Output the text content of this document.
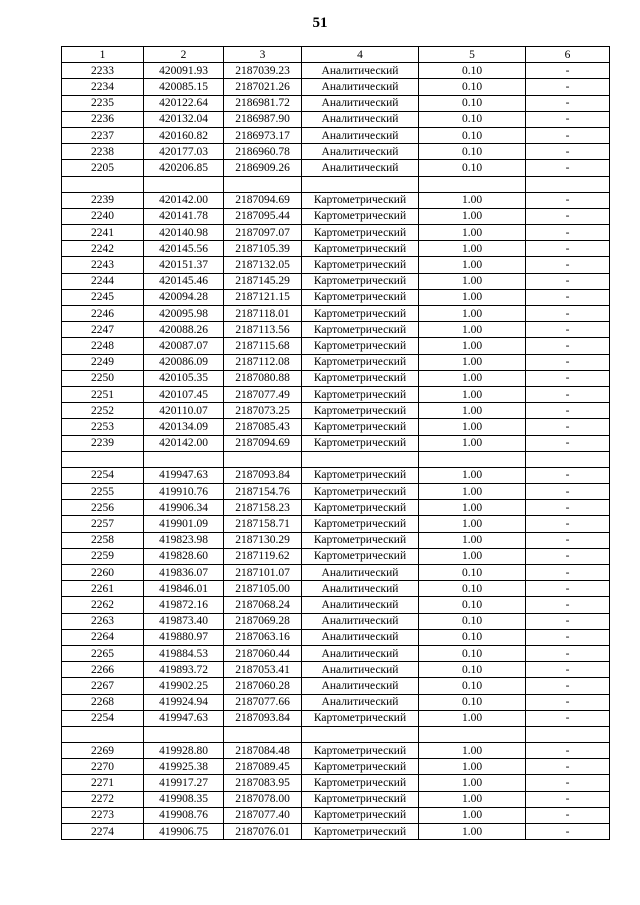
51
1	2	3	4	5	6
2233	420091.93	2187039.23	Аналитический	0.10	-
2234	420085.15	2187021.26	Аналитический	0.10	-
2235	420122.64	2186981.72	Аналитический	0.10	-
2236	420132.04	2186987.90	Аналитический	0.10	-
2237	420160.82	2186973.17	Аналитический	0.10	-
2238	420177.03	2186960.78	Аналитический	0.10	-
2205	420206.85	2186909.26	Аналитический	0.10	-

2239	420142.00	2187094.69	Картометрический	1.00	-
2240	420141.78	2187095.44	Картометрический	1.00	-
2241	420140.98	2187097.07	Картометрический	1.00	-
2242	420145.56	2187105.39	Картометрический	1.00	-
2243	420151.37	2187132.05	Картометрический	1.00	-
2244	420145.46	2187145.29	Картометрический	1.00	-
2245	420094.28	2187121.15	Картометрический	1.00	-
2246	420095.98	2187118.01	Картометрический	1.00	-
2247	420088.26	2187113.56	Картометрический	1.00	-
2248	420087.07	2187115.68	Картометрический	1.00	-
2249	420086.09	2187112.08	Картометрический	1.00	-
2250	420105.35	2187080.88	Картометрический	1.00	-
2251	420107.45	2187077.49	Картометрический	1.00	-
2252	420110.07	2187073.25	Картометрический	1.00	-
2253	420134.09	2187085.43	Картометрический	1.00	-
2239	420142.00	2187094.69	Картометрический	1.00	-

2254	419947.63	2187093.84	Картометрический	1.00	-
2255	419910.76	2187154.76	Картометрический	1.00	-
2256	419906.34	2187158.23	Картометрический	1.00	-
2257	419901.09	2187158.71	Картометрический	1.00	-
2258	419823.98	2187130.29	Картометрический	1.00	-
2259	419828.60	2187119.62	Картометрический	1.00	-
2260	419836.07	2187101.07	Аналитический	0.10	-
2261	419846.01	2187105.00	Аналитический	0.10	-
2262	419872.16	2187068.24	Аналитический	0.10	-
2263	419873.40	2187069.28	Аналитический	0.10	-
2264	419880.97	2187063.16	Аналитический	0.10	-
2265	419884.53	2187060.44	Аналитический	0.10	-
2266	419893.72	2187053.41	Аналитический	0.10	-
2267	419902.25	2187060.28	Аналитический	0.10	-
2268	419924.94	2187077.66	Аналитический	0.10	-
2254	419947.63	2187093.84	Картометрический	1.00	-

2269	419928.80	2187084.48	Картометрический	1.00	-
2270	419925.38	2187089.45	Картометрический	1.00	-
2271	419917.27	2187083.95	Картометрический	1.00	-
2272	419908.35	2187078.00	Картометрический	1.00	-
2273	419908.76	2187077.40	Картометрический	1.00	-
2274	419906.75	2187076.01	Картометрический	1.00	-
